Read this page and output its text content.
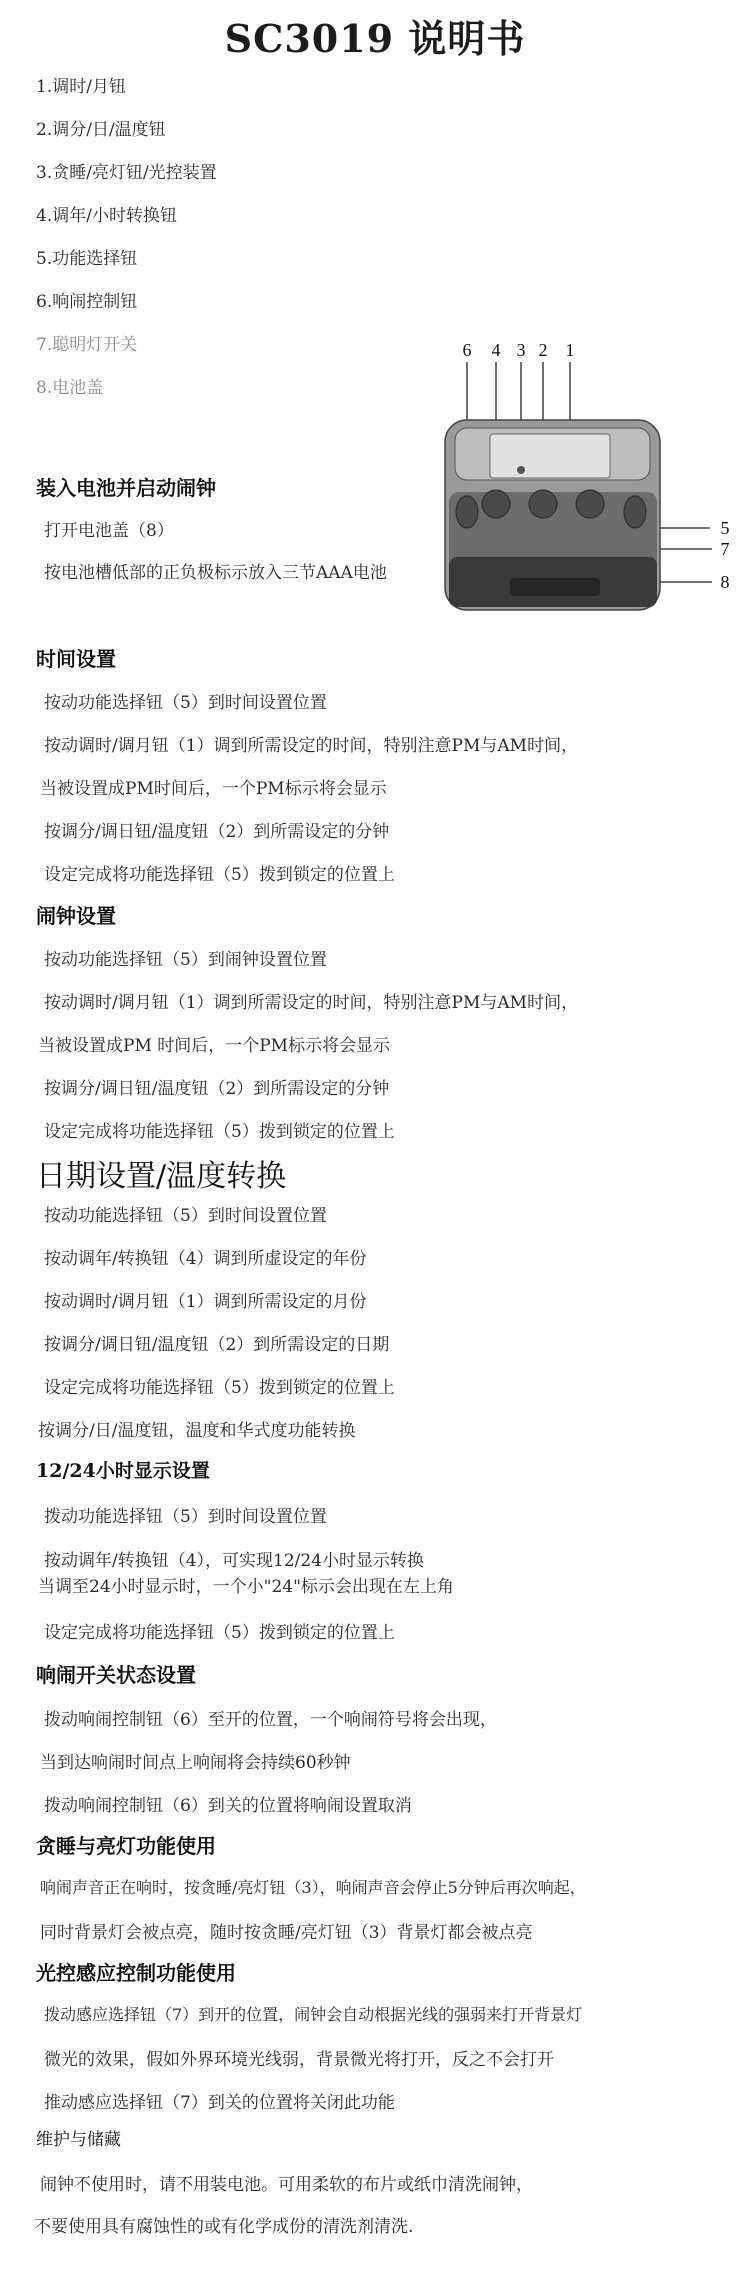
SC3019 说明书
1.调时/月钮
2.调分/日/温度钮
3.贪睡/亮灯钮/光控装置
4.调年/小时转换钮
5.功能选择钮
6.响闹控制钮
7.聪明灯开关
8.电池盖
6 4 3 2 1
5
7
8
装入电池并启动闹钟
打开电池盖（8）
按电池槽低部的正负极标示放入三节AAA电池
时间设置
按动功能选择钮（5）到时间设置位置
按动调时/调月钮（1）调到所需设定的时间，特别注意PM与AM时间，
当被设置成PM时间后，一个PM标示将会显示
按调分/调日钮/温度钮（2）到所需设定的分钟
设定完成将功能选择钮（5）拨到锁定的位置上
闹钟设置
按动功能选择钮（5）到闹钟设置位置
按动调时/调月钮（1）调到所需设定的时间，特别注意PM与AM时间，
当被设置成PM 时间后，一个PM标示将会显示
按调分/调日钮/温度钮（2）到所需设定的分钟
设定完成将功能选择钮（5）拨到锁定的位置上
日期设置/温度转换
按动功能选择钮（5）到时间设置位置
按动调年/转换钮（4）调到所虚设定的年份
按动调时/调月钮（1）调到所需设定的月份
按调分/调日钮/温度钮（2）到所需设定的日期
设定完成将功能选择钮（5）拨到锁定的位置上
按调分/日/温度钮，温度和华式度功能转换
12/24小时显示设置
拨动功能选择钮（5）到时间设置位置
按动调年/转换钮（4），可实现12/24小时显示转换
当调至24小时显示时，一个小"24"标示会出现在左上角
设定完成将功能选择钮（5）拨到锁定的位置上
响闹开关状态设置
拨动响闹控制钮（6）至开的位置，一个响闹符号将会出现，
当到达响闹时间点上响闹将会持续60秒钟
拨动响闹控制钮（6）到关的位置将响闹设置取消
贪睡与亮灯功能使用
响闹声音正在响时，按贪睡/亮灯钮（3），响闹声音会停止5分钟后再次响起，
同时背景灯会被点亮，随时按贪睡/亮灯钮（3）背景灯都会被点亮
光控感应控制功能使用
拨动感应选择钮（7）到开的位置，闹钟会自动根据光线的强弱来打开背景灯
微光的效果，假如外界环境光线弱，背景微光将打开，反之不会打开
推动感应选择钮（7）到关的位置将关闭此功能
维护与储藏
闹钟不使用时，请不用装电池。可用柔软的布片或纸巾清洗闹钟，
不要使用具有腐蚀性的或有化学成份的清洗剂清洗.
